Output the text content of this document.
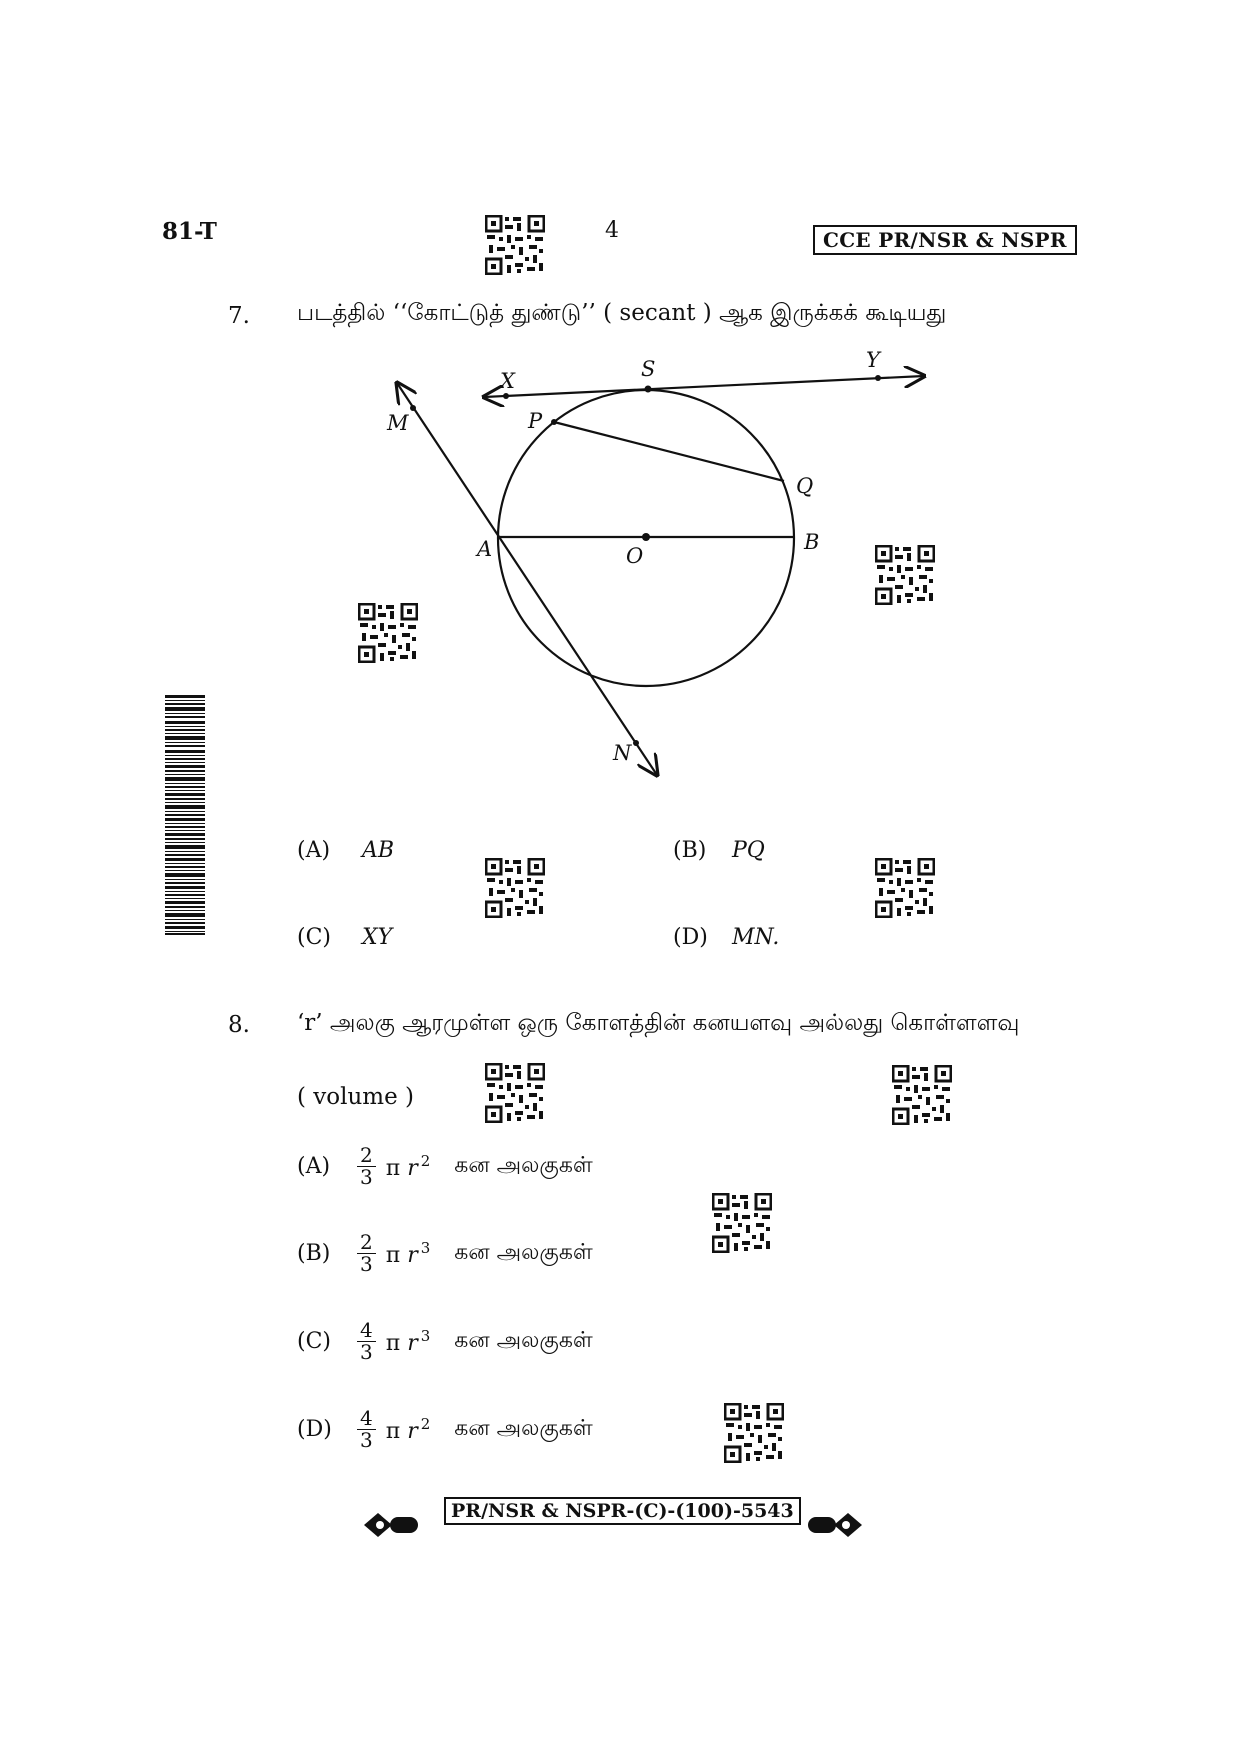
81-T	4	CCE PR/NSR & NSPR
7. படத்தில் ‘‘கோட்டுத் துண்டு’’ ( secant ) ஆக இருக்கக் கூடியது
X	S	Y
P
Q
M
A	O
B
N
(A) AB	(B) PQ
(C) XY	(D) MN.
8. ‘r’ அலகு ஆரமுள்ள ஒரு கோளத்தின் கனயளவு அல்லது கொள்ளளவு
( volume )
(A)	$\frac{2}{3}$ π r $^2$ கன அலகுகள்
(B)	$\frac{2}{3}$ π r $^3$ கன அலகுகள்
(C)	$\frac{4}{3}$ π r $^3$ கன அலகுகள்
(D)	$\frac{4}{3}$ π r $^2$ கன அலகுகள்
PR/NSR & NSPR-(C)-(100)-5543
